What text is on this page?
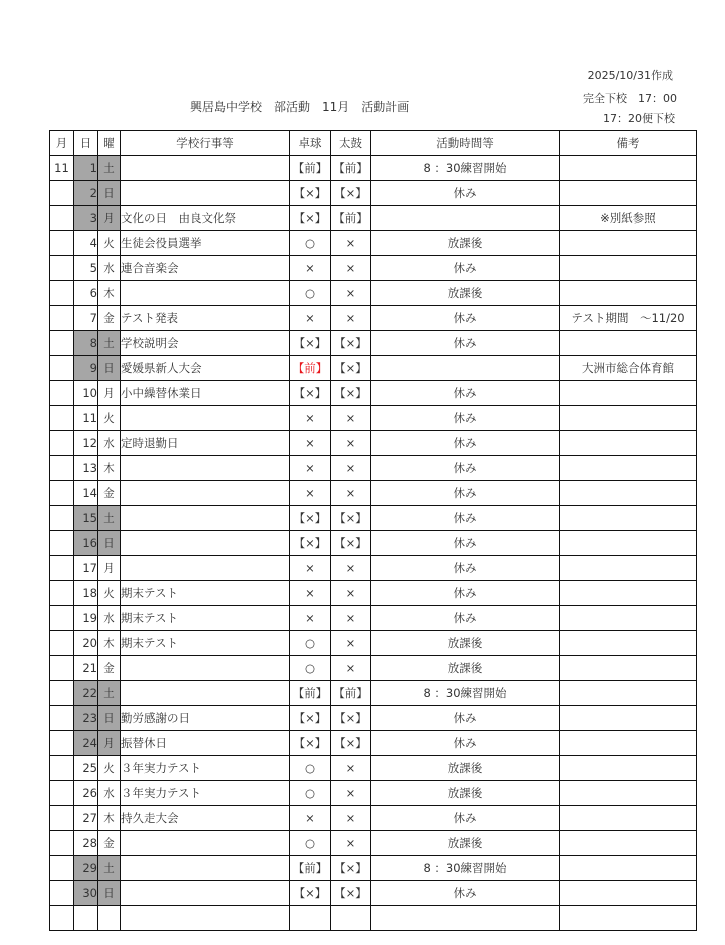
2025/10/31作成
完全下校　17：00
17：20便下校
興居島中学校　部活動　11月　活動計画
月	日	曜	学校行事等	卓球	太鼓	活動時間等	備考
11	1	土		【前】	【前】	8 ：30練習開始	
	2	日		【×】	【×】	休み	
	3	月	文化の日　由良文化祭	【×】	【前】		※別紙参照
	4	火	生徒会役員選挙	○	×	放課後	
	5	水	連合音楽会	×	×	休み	
	6	木		○	×	放課後	
	7	金	テスト発表	×	×	休み	テスト期間　～11/20
	8	土	学校説明会	【×】	【×】	休み	
	9	日	愛媛県新人大会	【前】	【×】		大洲市総合体育館
	10	月	小中繰替休業日	【×】	【×】	休み	
	11	火		×	×	休み	
	12	水	定時退勤日	×	×	休み	
	13	木		×	×	休み	
	14	金		×	×	休み	
	15	土		【×】	【×】	休み	
	16	日		【×】	【×】	休み	
	17	月		×	×	休み	
	18	火	期末テスト	×	×	休み	
	19	水	期末テスト	×	×	休み	
	20	木	期末テスト	○	×	放課後	
	21	金		○	×	放課後	
	22	土		【前】	【前】	8 ：30練習開始	
	23	日	勤労感謝の日	【×】	【×】	休み	
	24	月	振替休日	【×】	【×】	休み	
	25	火	３年実力テスト	○	×	放課後	
	26	水	３年実力テスト	○	×	放課後	
	27	木	持久走大会	×	×	休み	
	28	金		○	×	放課後	
	29	土		【前】	【×】	8 ：30練習開始	
	30	日		【×】	【×】	休み	
